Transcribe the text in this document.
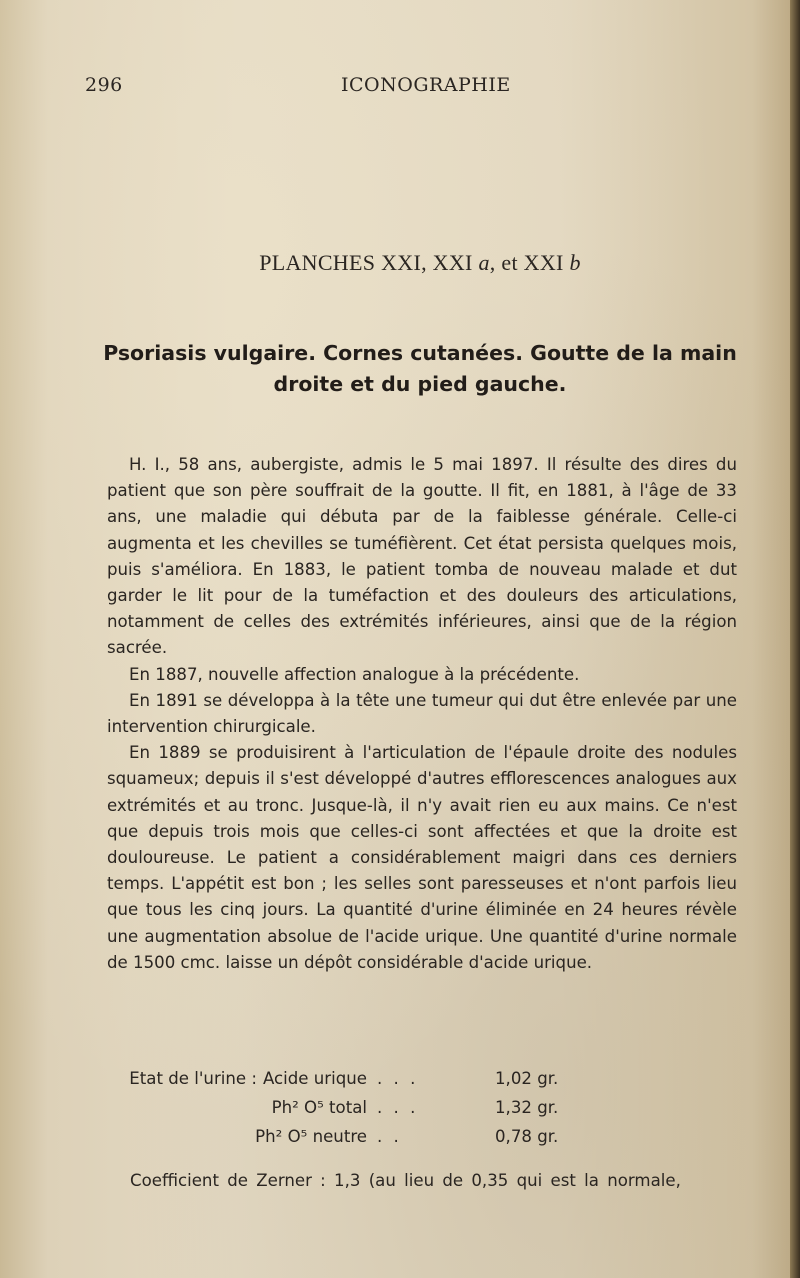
296	ICONOGRAPHIE
PLANCHES XXI, XXI a, et XXI b
Psoriasis vulgaire. Cornes cutanées. Goutte de la main
droite et du pied gauche.

H. I., 58 ans, aubergiste, admis le 5 mai 1897. Il résulte des dires du patient que son père souffrait de la goutte. Il fit, en 1881, à l'âge de 33 ans, une maladie qui débuta par de la faiblesse générale. Celle-ci augmenta et les chevilles se tuméfièrent. Cet état persista quelques mois, puis s'améliora. En 1883, le patient tomba de nouveau malade et dut garder le lit pour de la tuméfaction et des douleurs des articulations, notamment de celles des extrémités inférieures, ainsi que de la région sacrée.

En 1887, nouvelle affection analogue à la précédente.

En 1891 se développa à la tête une tumeur qui dut être enlevée par une intervention chirurgicale.

En 1889 se produisirent à l'articulation de l'épaule droite des nodules squameux; depuis il s'est développé d'autres efflorescences analogues aux extrémités et au tronc. Jusque-là, il n'y avait rien eu aux mains. Ce n'est que depuis trois mois que celles-ci sont affectées et que la droite est douloureuse. Le patient a considérablement maigri dans ces derniers temps. L'appétit est bon ; les selles sont paresseuses et n'ont parfois lieu que tous les cinq jours. La quantité d'urine éliminée en 24 heures révèle une augmentation absolue de l'acide urique. Une quantité d'urine normale de 1500 cmc. laisse un dépôt considérable d'acide urique.

Etat de l'urine : Acide urique . . .	1,02 gr.
Ph² O⁵ total . . .	1,32 gr.
Ph² O⁵ neutre . .	0,78 gr.
Coefficient de Zerner : 1,3 (au lieu de 0,35 qui est la normale,
